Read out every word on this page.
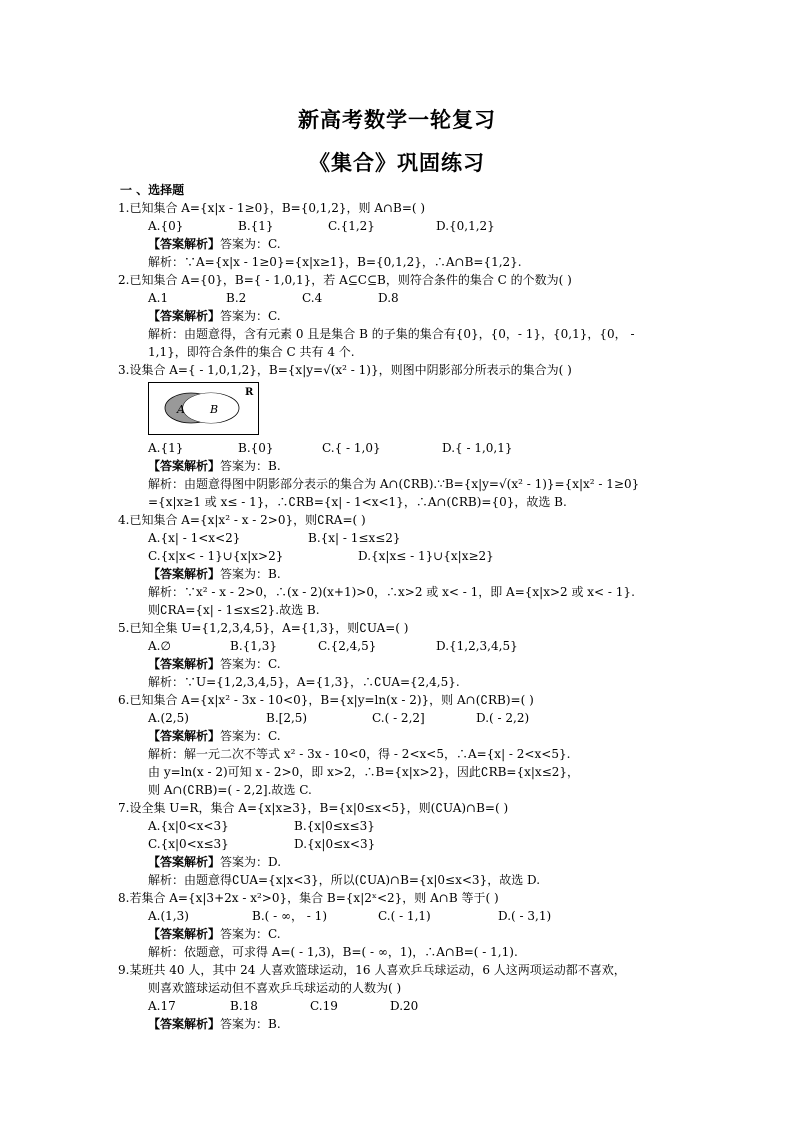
新高考数学一轮复习
《集合》巩固练习
一 、选择题
1.已知集合 A={x|x - 1≥0}，B={0,1,2}，则 A∩B=( )
A.{0}	B.{1}	C.{1,2}	D.{0,1,2}
【答案解析】答案为：C.
解析：∵A={x|x - 1≥0}={x|x≥1}，B={0,1,2}，∴A∩B={1,2}.
2.已知集合 A={0}，B={ - 1,0,1}，若 A⊆C⊆B，则符合条件的集合 C 的个数为( )
A.1	B.2	C.4	D.8
【答案解析】答案为：C.
解析：由题意得，含有元素 0 且是集合 B 的子集的集合有{0}，{0，- 1}，{0,1}，{0， -
1,1}，即符合条件的集合 C 共有 4 个.
3.设集合 A={ - 1,0,1,2}，B={x|y=√(x² - 1)}，则图中阴影部分所表示的集合为( )
A B
R
A.{1}	B.{0}	C.{ - 1,0}	D.{ - 1,0,1}
【答案解析】答案为：B.
解析：由题意得图中阴影部分表示的集合为 A∩(∁RB).∵B={x|y=√(x² - 1)}={x|x² - 1≥0}
={x|x≥1 或 x≤ - 1}，∴∁RB={x| - 1<x<1}，∴A∩(∁RB)={0}，故选 B.
4.已知集合 A={x|x² - x - 2>0}，则∁RA=( )
A.{x| - 1<x<2}	B.{x| - 1≤x≤2}
C.{x|x< - 1}∪{x|x>2}	D.{x|x≤ - 1}∪{x|x≥2}
【答案解析】答案为：B.
解析：∵x² - x - 2>0，∴(x - 2)(x+1)>0，∴x>2 或 x< - 1，即 A={x|x>2 或 x< - 1}.
则∁RA={x| - 1≤x≤2}.故选 B.
5.已知全集 U={1,2,3,4,5}，A={1,3}，则∁UA=( )
A.∅	B.{1,3}	C.{2,4,5}	D.{1,2,3,4,5}
【答案解析】答案为：C.
解析：∵U={1,2,3,4,5}，A={1,3}，∴∁UA={2,4,5}.
6.已知集合 A={x|x² - 3x - 10<0}，B={x|y=ln(x - 2)}，则 A∩(∁RB)=( )
A.(2,5)	B.[2,5)	C.( - 2,2]	D.( - 2,2)
【答案解析】答案为：C.
解析：解一元二次不等式 x² - 3x - 10<0，得 - 2<x<5，∴A={x| - 2<x<5}.
由 y=ln(x - 2)可知 x - 2>0，即 x>2，∴B={x|x>2}，因此∁RB={x|x≤2}，
则 A∩(∁RB)=( - 2,2].故选 C.
7.设全集 U=R，集合 A={x|x≥3}，B={x|0≤x<5}，则(∁UA)∩B=( )
A.{x|0<x<3}	B.{x|0≤x≤3}
C.{x|0<x≤3}	D.{x|0≤x<3}
【答案解析】答案为：D.
解析：由题意得∁UA={x|x<3}，所以(∁UA)∩B={x|0≤x<3}，故选 D.
8.若集合 A={x|3+2x - x²>0}，集合 B={x|2ˣ<2}，则 A∩B 等于( )
A.(1,3)	B.( - ∞， - 1)	C.( - 1,1)	D.( - 3,1)
【答案解析】答案为：C.
解析：依题意，可求得 A=( - 1,3)，B=( - ∞，1)，∴A∩B=( - 1,1).
9.某班共 40 人，其中 24 人喜欢篮球运动，16 人喜欢乒乓球运动，6 人这两项运动都不喜欢，
则喜欢篮球运动但不喜欢乒乓球运动的人数为( )
A.17	B.18	C.19	D.20
【答案解析】答案为：B.
